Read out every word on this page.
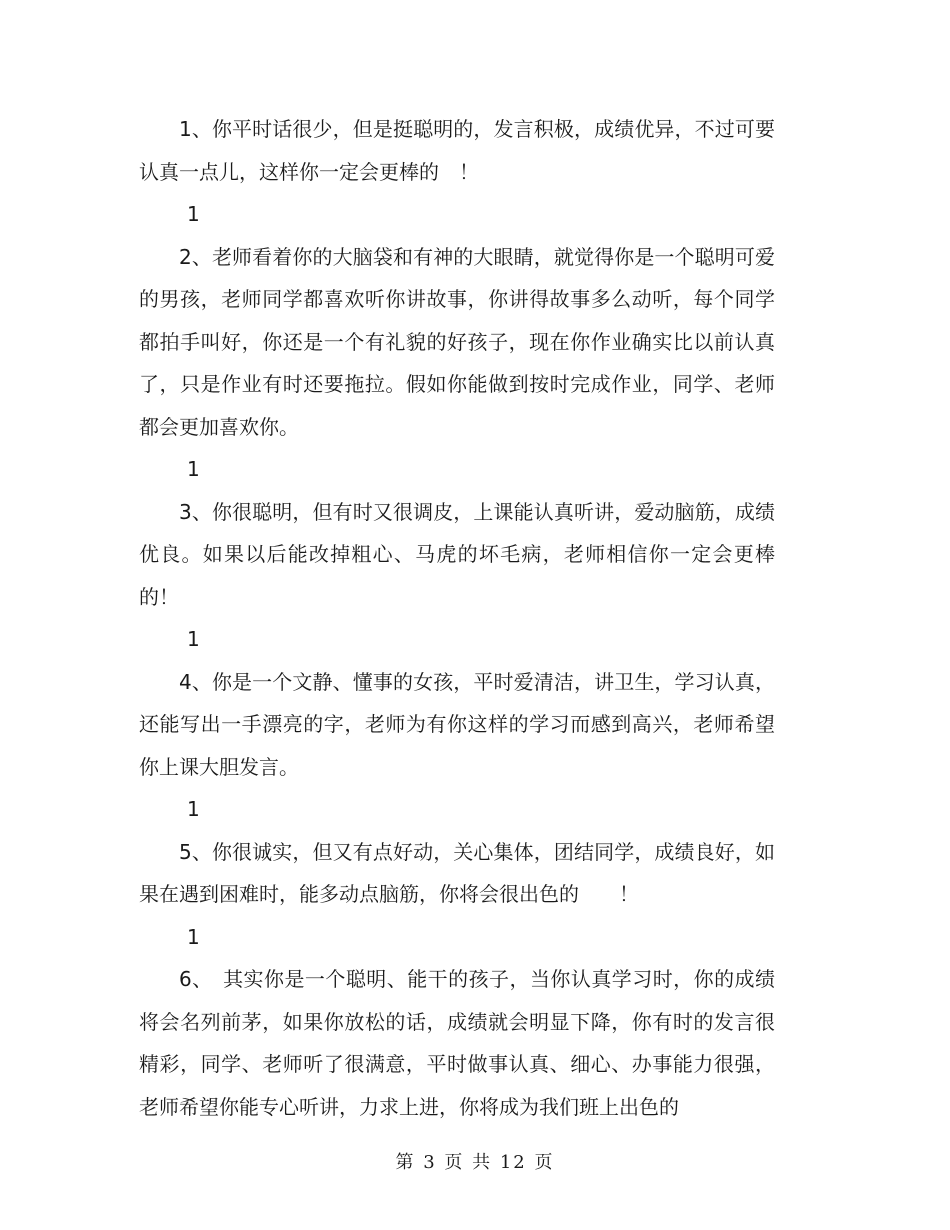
1、你平时话很少，但是挺聪明的，发言积极，成绩优异，不过可要认真一点儿，这样你一定会更棒的　！

1

2、老师看着你的大脑袋和有神的大眼睛，就觉得你是一个聪明可爱的男孩，老师同学都喜欢听你讲故事，你讲得故事多么动听，每个同学都拍手叫好，你还是一个有礼貌的好孩子，现在你作业确实比以前认真了，只是作业有时还要拖拉。假如你能做到按时完成作业，同学、老师都会更加喜欢你。

1

3、你很聪明，但有时又很调皮，上课能认真听讲，爱动脑筋，成绩优良。如果以后能改掉粗心、马虎的坏毛病，老师相信你一定会更棒的！

1

4、你是一个文静、懂事的女孩，平时爱清洁，讲卫生，学习认真，还能写出一手漂亮的字，老师为有你这样的学习而感到高兴，老师希望你上课大胆发言。

1

5、你很诚实，但又有点好动，关心集体，团结同学，成绩良好，如果在遇到困难时，能多动点脑筋，你将会很出色的　　！

1

6、　其实你是一个聪明、能干的孩子，当你认真学习时，你的成绩将会名列前茅，如果你放松的话，成绩就会明显下降，你有时的发言很精彩，同学、老师听了很满意，平时做事认真、细心、办事能力很强，老师希望你能专心听讲，力求上进，你将成为我们班上出色的

第 3 页 共 12 页
